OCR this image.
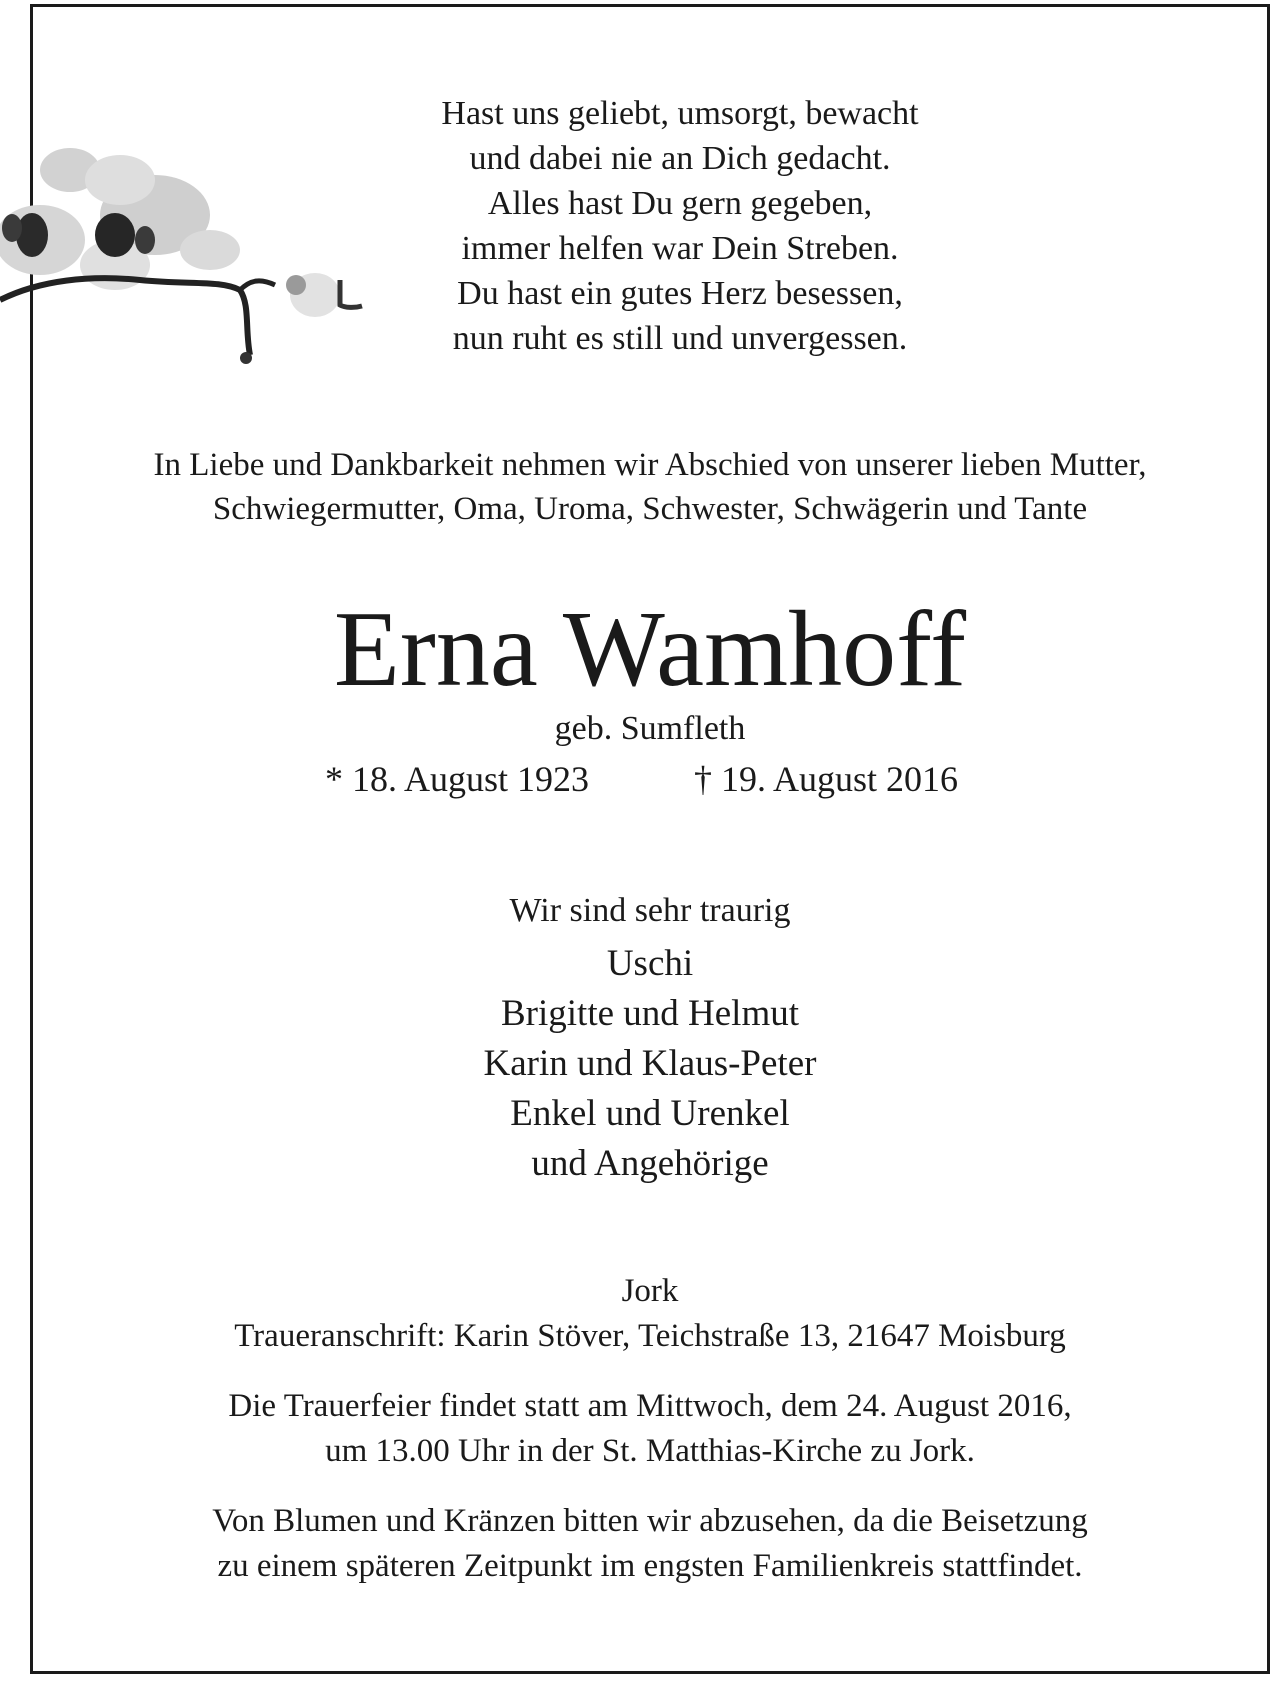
Hast uns geliebt, umsorgt, bewacht
und dabei nie an Dich gedacht.
Alles hast Du gern gegeben,
immer helfen war Dein Streben.
Du hast ein gutes Herz besessen,
nun ruht es still und unvergessen.
In Liebe und Dankbarkeit nehmen wir Abschied von unserer lieben Mutter,
Schwiegermutter, Oma, Uroma, Schwester, Schwägerin und Tante
Erna Wamhoff
geb. Sumfleth
* 18. August 1923	† 19. August 2016
Wir sind sehr traurig
Uschi
Brigitte und Helmut
Karin und Klaus-Peter
Enkel und Urenkel
und Angehörige
Jork
Traueranschrift: Karin Stöver, Teichstraße 13, 21647 Moisburg
Die Trauerfeier findet statt am Mittwoch, dem 24. August 2016,
um 13.00 Uhr in der St. Matthias-Kirche zu Jork.
Von Blumen und Kränzen bitten wir abzusehen, da die Beisetzung
zu einem späteren Zeitpunkt im engsten Familienkreis stattfindet.
